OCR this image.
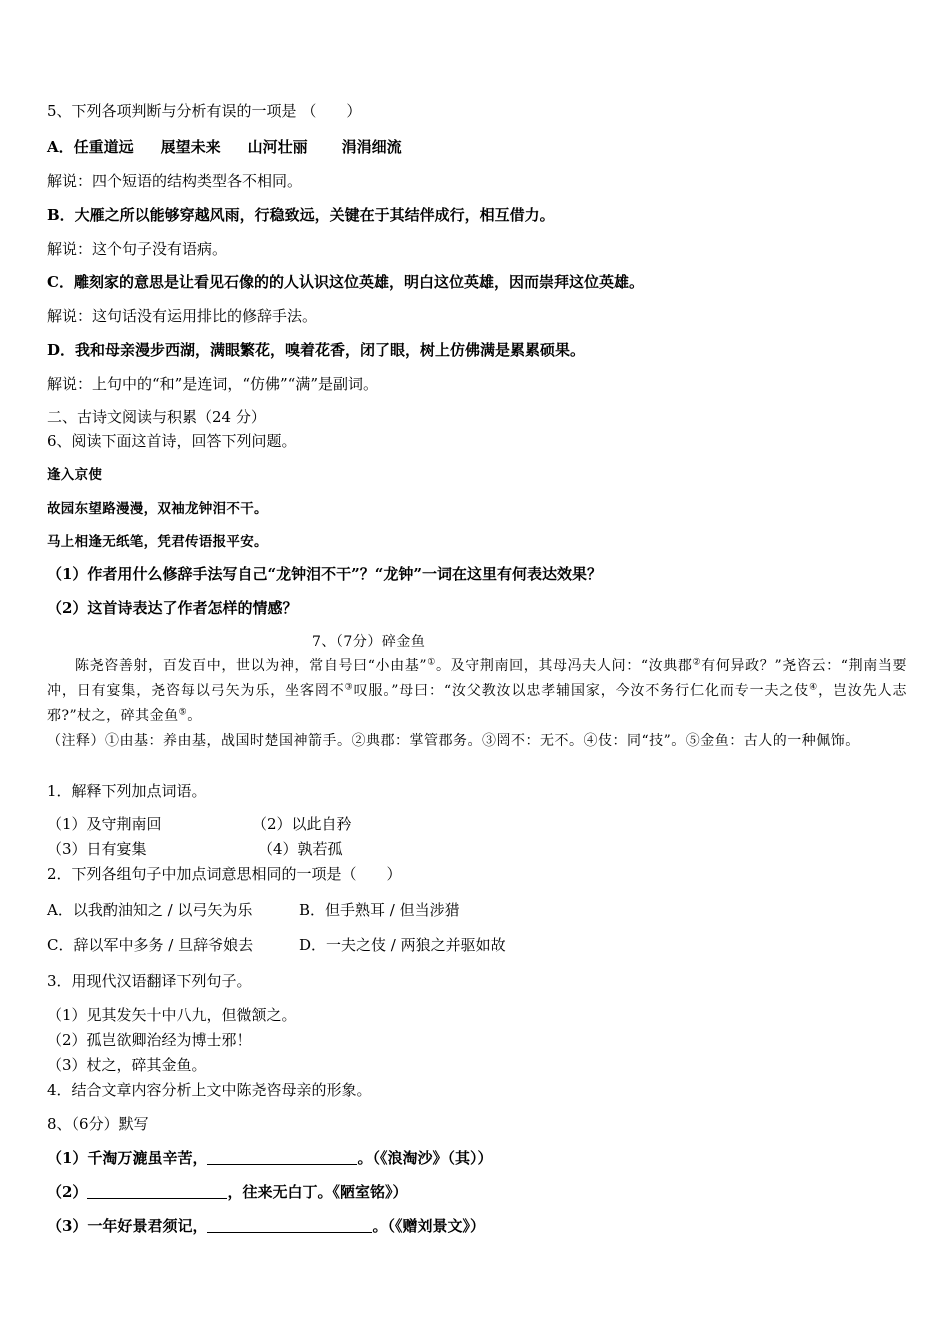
5、下列各项判断与分析有误的一项是 （　　）
A．任重道远 展望未来 山河壮丽 涓涓细流
解说：四个短语的结构类型各不相同。
B．大雁之所以能够穿越风雨，行稳致远，关键在于其结伴成行，相互借力。
解说：这个句子没有语病。
C．雕刻家的意思是让看见石像的的人认识这位英雄，明白这位英雄，因而崇拜这位英雄。
解说：这句话没有运用排比的修辞手法。
D．我和母亲漫步西湖，满眼繁花，嗅着花香，闭了眼，树上仿佛满是累累硕果。
解说：上句中的“和”是连词，“仿佛”“满”是副词。
二、古诗文阅读与积累（24 分）
6、阅读下面这首诗，回答下列问题。
逢入京使
故园东望路漫漫，双袖龙钟泪不干。
马上相逢无纸笔，凭君传语报平安。
（1）作者用什么修辞手法写自己“龙钟泪不干”？“龙钟”一词在这里有何表达效果？
（2）这首诗表达了作者怎样的情感？
7、（7分）碎金鱼
陈尧咨善射，百发百中，世以为神，常自号曰“小由基”①。及守荆南回，其母冯夫人问：“汝典郡②有何异政？”尧咨云：“荆南当要冲，日有宴集，尧咨每以弓矢为乐，坐客罔不③叹服。”母曰：“汝父教汝以忠孝辅国家，今汝不务行仁化而专一夫之伎④，岂汝先人志邪?”杖之，碎其金鱼⑤。
（注释）①由基：养由基，战国时楚国神箭手。②典郡：掌管郡务。③罔不：无不。④伎：同“技”。⑤金鱼：古人的一种佩饰。
1．解释下列加点词语。
（1）及守荆南回	（2）以此自矜
（3）日有宴集	（4）孰若孤
2．下列各组句子中加点词意思相同的一项是（　　）
A．以我酌油知之 / 以弓矢为乐	B．但手熟耳 / 但当涉猎
C．辞以军中多务 / 旦辞爷娘去	D．一夫之伎 / 两狼之并驱如故
3．用现代汉语翻译下列句子。
（1）见其发矢十中八九，但微颔之。
（2）孤岂欲卿治经为博士邪！
（3）杖之，碎其金鱼。
4．结合文章内容分析上文中陈尧咨母亲的形象。
8、（6分）默写
（1）千淘万漉虽辛苦，	。（《浪淘沙》（其））
（2）	，往来无白丁。《陋室铭》）
（3）一年好景君须记，	。（《赠刘景文》）
